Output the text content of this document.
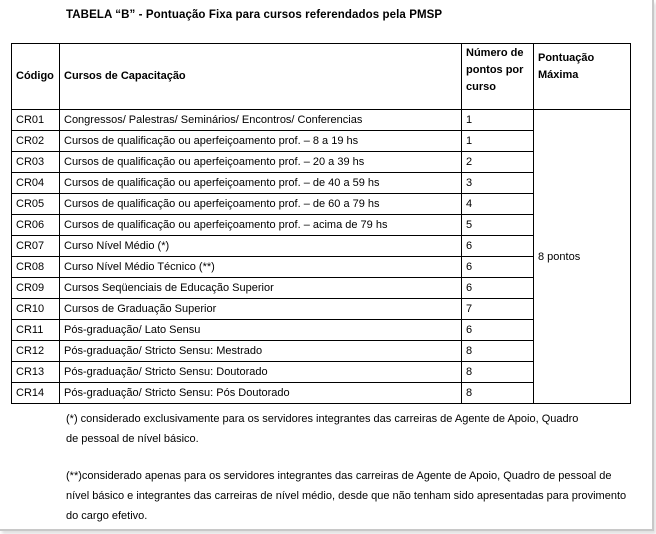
TABELA “B” - Pontuação Fixa para cursos referendados pela PMSP
Código	Cursos de Capacitação	Número de pontos por curso	Pontuação Máxima
CR01	Congressos/ Palestras/ Seminários/ Encontros/ Conferencias	1	8 pontos
CR02	Cursos de qualificação ou aperfeiçoamento prof. – 8 a 19 hs	1	
CR03	Cursos de qualificação ou aperfeiçoamento prof. – 20 a 39 hs	2	
CR04	Cursos de qualificação ou aperfeiçoamento prof. – de 40 a 59 hs	3	
CR05	Cursos de qualificação ou aperfeiçoamento prof. – de 60 a 79 hs	4	
CR06	Cursos de qualificação ou aperfeiçoamento prof. – acima de 79 hs	5	
CR07	Curso Nível Médio (*)	6	
CR08	Curso Nível Médio Técnico (**)	6	
CR09	Cursos Seqüenciais de Educação Superior	6	
CR10	Cursos de Graduação Superior	7	
CR11	Pós-graduação/ Lato Sensu	6	
CR12	Pós-graduação/ Stricto Sensu: Mestrado	8	
CR13	Pós-graduação/ Stricto Sensu: Doutorado	8	
CR14	Pós-graduação/ Stricto Sensu: Pós Doutorado	8	
(*) considerado exclusivamente para os servidores integrantes das carreiras de Agente de Apoio, Quadro de pessoal de nível básico.
(**)considerado apenas para os servidores integrantes das carreiras de Agente de Apoio, Quadro de pessoal de nível básico e integrantes das carreiras de nível médio, desde que não tenham sido apresentadas para provimento do cargo efetivo.
